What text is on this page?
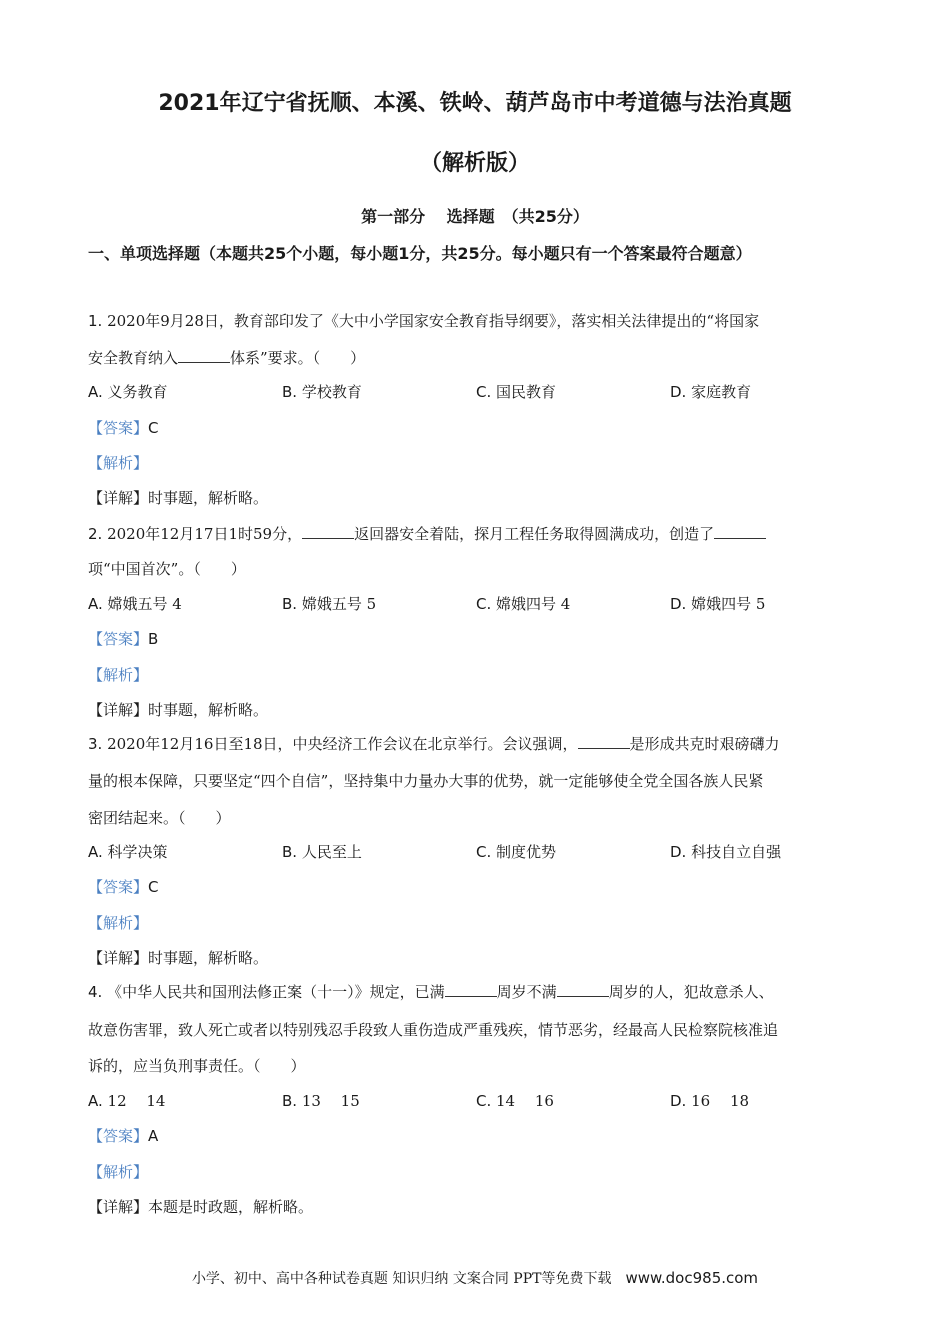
2021年辽宁省抚顺、本溪、铁岭、葫芦岛市中考道德与法治真题
（解析版）
第一部分　 选择题　（共25分）
一、单项选择题（本题共25个小题，每小题1分，共25分。每小题只有一个答案最符合题意）
1. 2020年9月28日，教育部印发了《大中小学国家安全教育指导纲要》，落实相关法律提出的“将国家
安全教育纳入	体系”要求。（　　）
A. 义务教育	B. 学校教育	C. 国民教育	D. 家庭教育
【答案】C
【解析】
【详解】时事题，解析略。
2. 2020年12月17日1时59分，	返回器安全着陆，探月工程任务取得圆满成功，创造了
项“中国首次”。（　　）
A. 嫦娥五号 4	B. 嫦娥五号 5	C. 嫦娥四号 4	D. 嫦娥四号 5
【答案】B
【解析】
【详解】时事题，解析略。
3. 2020年12月16日至18日，中央经济工作会议在北京举行。会议强调，	是形成共克时艰磅礴力
量的根本保障，只要坚定“四个自信”，坚持集中力量办大事的优势，就一定能够使全党全国各族人民紧
密团结起来。（　　）
A. 科学决策	B. 人民至上	C. 制度优势	D. 科技自立自强
【答案】C
【解析】
【详解】时事题，解析略。
4. 《中华人民共和国刑法修正案（十一）》规定，已满	周岁不满	周岁的人，犯故意杀人、
故意伤害罪，致人死亡或者以特别残忍手段致人重伤造成严重残疾，情节恶劣，经最高人民检察院核准追
诉的，应当负刑事责任。（　　）
A. 12　 14	B. 13　 15	C. 14　 16	D. 16　 18
【答案】A
【解析】
【详解】本题是时政题，解析略。
小学、初中、高中各种试卷真题 知识归纳 文案合同 PPT等免费下载　www.doc985.com
